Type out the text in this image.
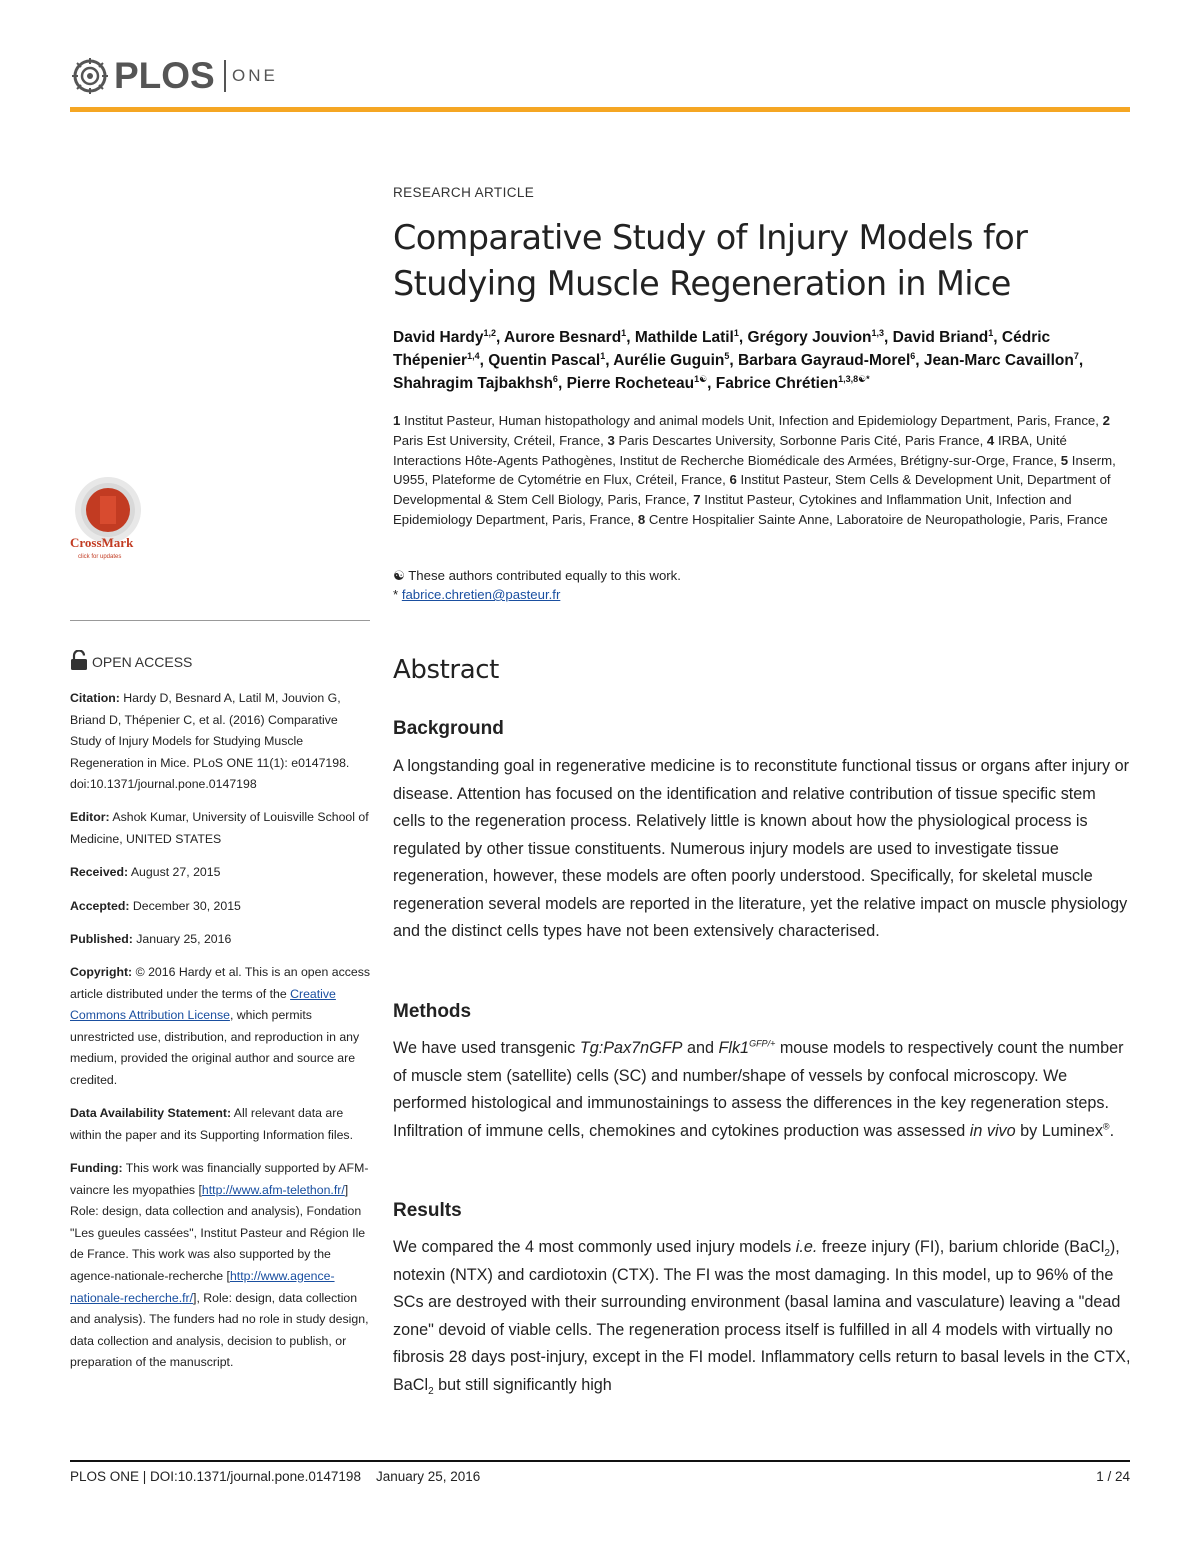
PLOS ONE
RESEARCH ARTICLE
Comparative Study of Injury Models for Studying Muscle Regeneration in Mice

David Hardy$^{1,2}$, Aurore Besnard$^1$, Mathilde Latil$^1$, Grégory Jouvion$^{1,3}$, David Briand$^1$, Cédric Thépenier$^{1,4}$, Quentin Pascal$^1$, Aurélie Guguin$^5$, Barbara Gayraud-Morel$^6$, Jean-Marc Cavaillon$^7$, Shahragim Tajbakhsh$^6$, Pierre Rocheteau$^{1☯}$, Fabrice Chrétien$^{1,3,8☯*}$

1 Institut Pasteur, Human histopathology and animal models Unit, Infection and Epidemiology Department, Paris, France, 2 Paris Est University, Créteil, France, 3 Paris Descartes University, Sorbonne Paris Cité, Paris France, 4 IRBA, Unité Interactions Hôte-Agents Pathogènes, Institut de Recherche Biomédicale des Armées, Brétigny-sur-Orge, France, 5 Inserm, U955, Plateforme de Cytométrie en Flux, Créteil, France, 6 Institut Pasteur, Stem Cells & Development Unit, Department of Developmental & Stem Cell Biology, Paris, France, 7 Institut Pasteur, Cytokines and Inflammation Unit, Infection and Epidemiology Department, Paris, France, 8 Centre Hospitalier Sainte Anne, Laboratoire de Neuropathologie, Paris, France

☯ These authors contributed equally to this work.
* fabrice.chretien@pasteur.fr
Abstract
Background

A longstanding goal in regenerative medicine is to reconstitute functional tissus or organs after injury or disease. Attention has focused on the identification and relative contribution of tissue specific stem cells to the regeneration process. Relatively little is known about how the physiological process is regulated by other tissue constituents. Numerous injury models are used to investigate tissue regeneration, however, these models are often poorly understood. Specifically, for skeletal muscle regeneration several models are reported in the literature, yet the relative impact on muscle physiology and the distinct cells types have not been extensively characterised.

Methods

We have used transgenic Tg:Pax7nGFP and $Flk1^{GFP/+}$ mouse models to respectively count the number of muscle stem (satellite) cells (SC) and number/shape of vessels by confocal microscopy. We performed histological and immunostainings to assess the differences in the key regeneration steps. Infiltration of immune cells, chemokines and cytokines production was assessed in vivo by Luminex®.

Results

We compared the 4 most commonly used injury models i.e. freeze injury (FI), barium chloride (BaCl$_2$), notexin (NTX) and cardiotoxin (CTX). The FI was the most damaging. In this model, up to 96% of the SCs are destroyed with their surrounding environment (basal lamina and vasculature) leaving a "dead zone" devoid of viable cells. The regeneration process itself is fulfilled in all 4 models with virtually no fibrosis 28 days post-injury, except in the FI model. Inflammatory cells return to basal levels in the CTX, BaCl$_2$ but still significantly high

CrossMark
click for updates
OPEN ACCESS

Citation: Hardy D, Besnard A, Latil M, Jouvion G, Briand D, Thépenier C, et al. (2016) Comparative Study of Injury Models for Studying Muscle Regeneration in Mice. PLoS ONE 11(1): e0147198. doi:10.1371/journal.pone.0147198

Editor: Ashok Kumar, University of Louisville School of Medicine, UNITED STATES

Received: August 27, 2015

Accepted: December 30, 2015

Published: January 25, 2016

Copyright: © 2016 Hardy et al. This is an open access article distributed under the terms of the Creative Commons Attribution License, which permits unrestricted use, distribution, and reproduction in any medium, provided the original author and source are credited.

Data Availability Statement: All relevant data are within the paper and its Supporting Information files.

Funding: This work was financially supported by AFM-vaincre les myopathies [http://www.afm-telethon.fr/] Role: design, data collection and analysis), Fondation "Les gueules cassées", Institut Pasteur and Région Ile de France. This work was also supported by the agence-nationale-recherche [http://www.agence-nationale-recherche.fr/], Role: design, data collection and analysis). The funders had no role in study design, data collection and analysis, decision to publish, or preparation of the manuscript.

PLOS ONE | DOI:10.1371/journal.pone.0147198    January 25, 2016	1 / 24
